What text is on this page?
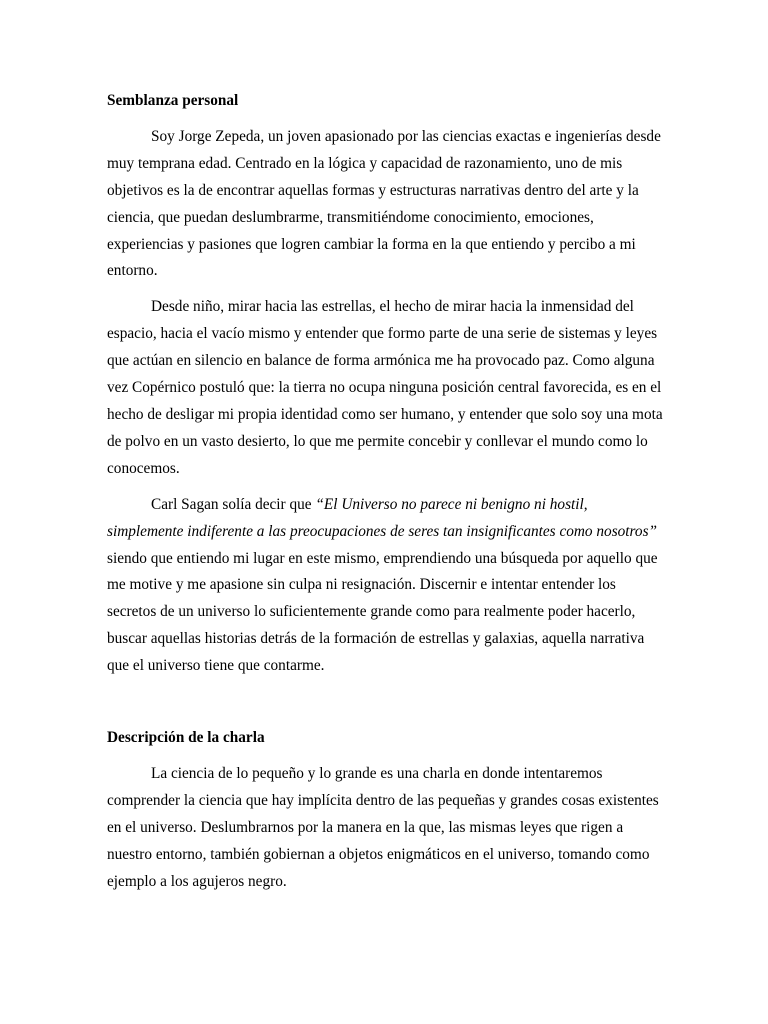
Semblanza personal

Soy Jorge Zepeda, un joven apasionado por las ciencias exactas e ingenierías desde muy temprana edad. Centrado en la lógica y capacidad de razonamiento, uno de mis objetivos es la de encontrar aquellas formas y estructuras narrativas dentro del arte y la ciencia, que puedan deslumbrarme, transmitiéndome conocimiento, emociones, experiencias y pasiones que logren cambiar la forma en la que entiendo y percibo a mi entorno.

Desde niño, mirar hacia las estrellas, el hecho de mirar hacia la inmensidad del espacio, hacia el vacío mismo y entender que formo parte de una serie de sistemas y leyes que actúan en silencio en balance de forma armónica me ha provocado paz. Como alguna vez Copérnico postuló que: la tierra no ocupa ninguna posición central favorecida, es en el hecho de desligar mi propia identidad como ser humano, y entender que solo soy una mota de polvo en un vasto desierto, lo que me permite concebir y conllevar el mundo como lo conocemos.

Carl Sagan solía decir que “El Universo no parece ni benigno ni hostil, simplemente indiferente a las preocupaciones de seres tan insignificantes como nosotros” siendo que entiendo mi lugar en este mismo, emprendiendo una búsqueda por aquello que me motive y me apasione sin culpa ni resignación. Discernir e intentar entender los secretos de un universo lo suficientemente grande como para realmente poder hacerlo, buscar aquellas historias detrás de la formación de estrellas y galaxias, aquella narrativa que el universo tiene que contarme.

Descripción de la charla

La ciencia de lo pequeño y lo grande es una charla en donde intentaremos comprender la ciencia que hay implícita dentro de las pequeñas y grandes cosas existentes en el universo. Deslumbrarnos por la manera en la que, las mismas leyes que rigen a nuestro entorno, también gobiernan a objetos enigmáticos en el universo, tomando como ejemplo a los agujeros negro.
